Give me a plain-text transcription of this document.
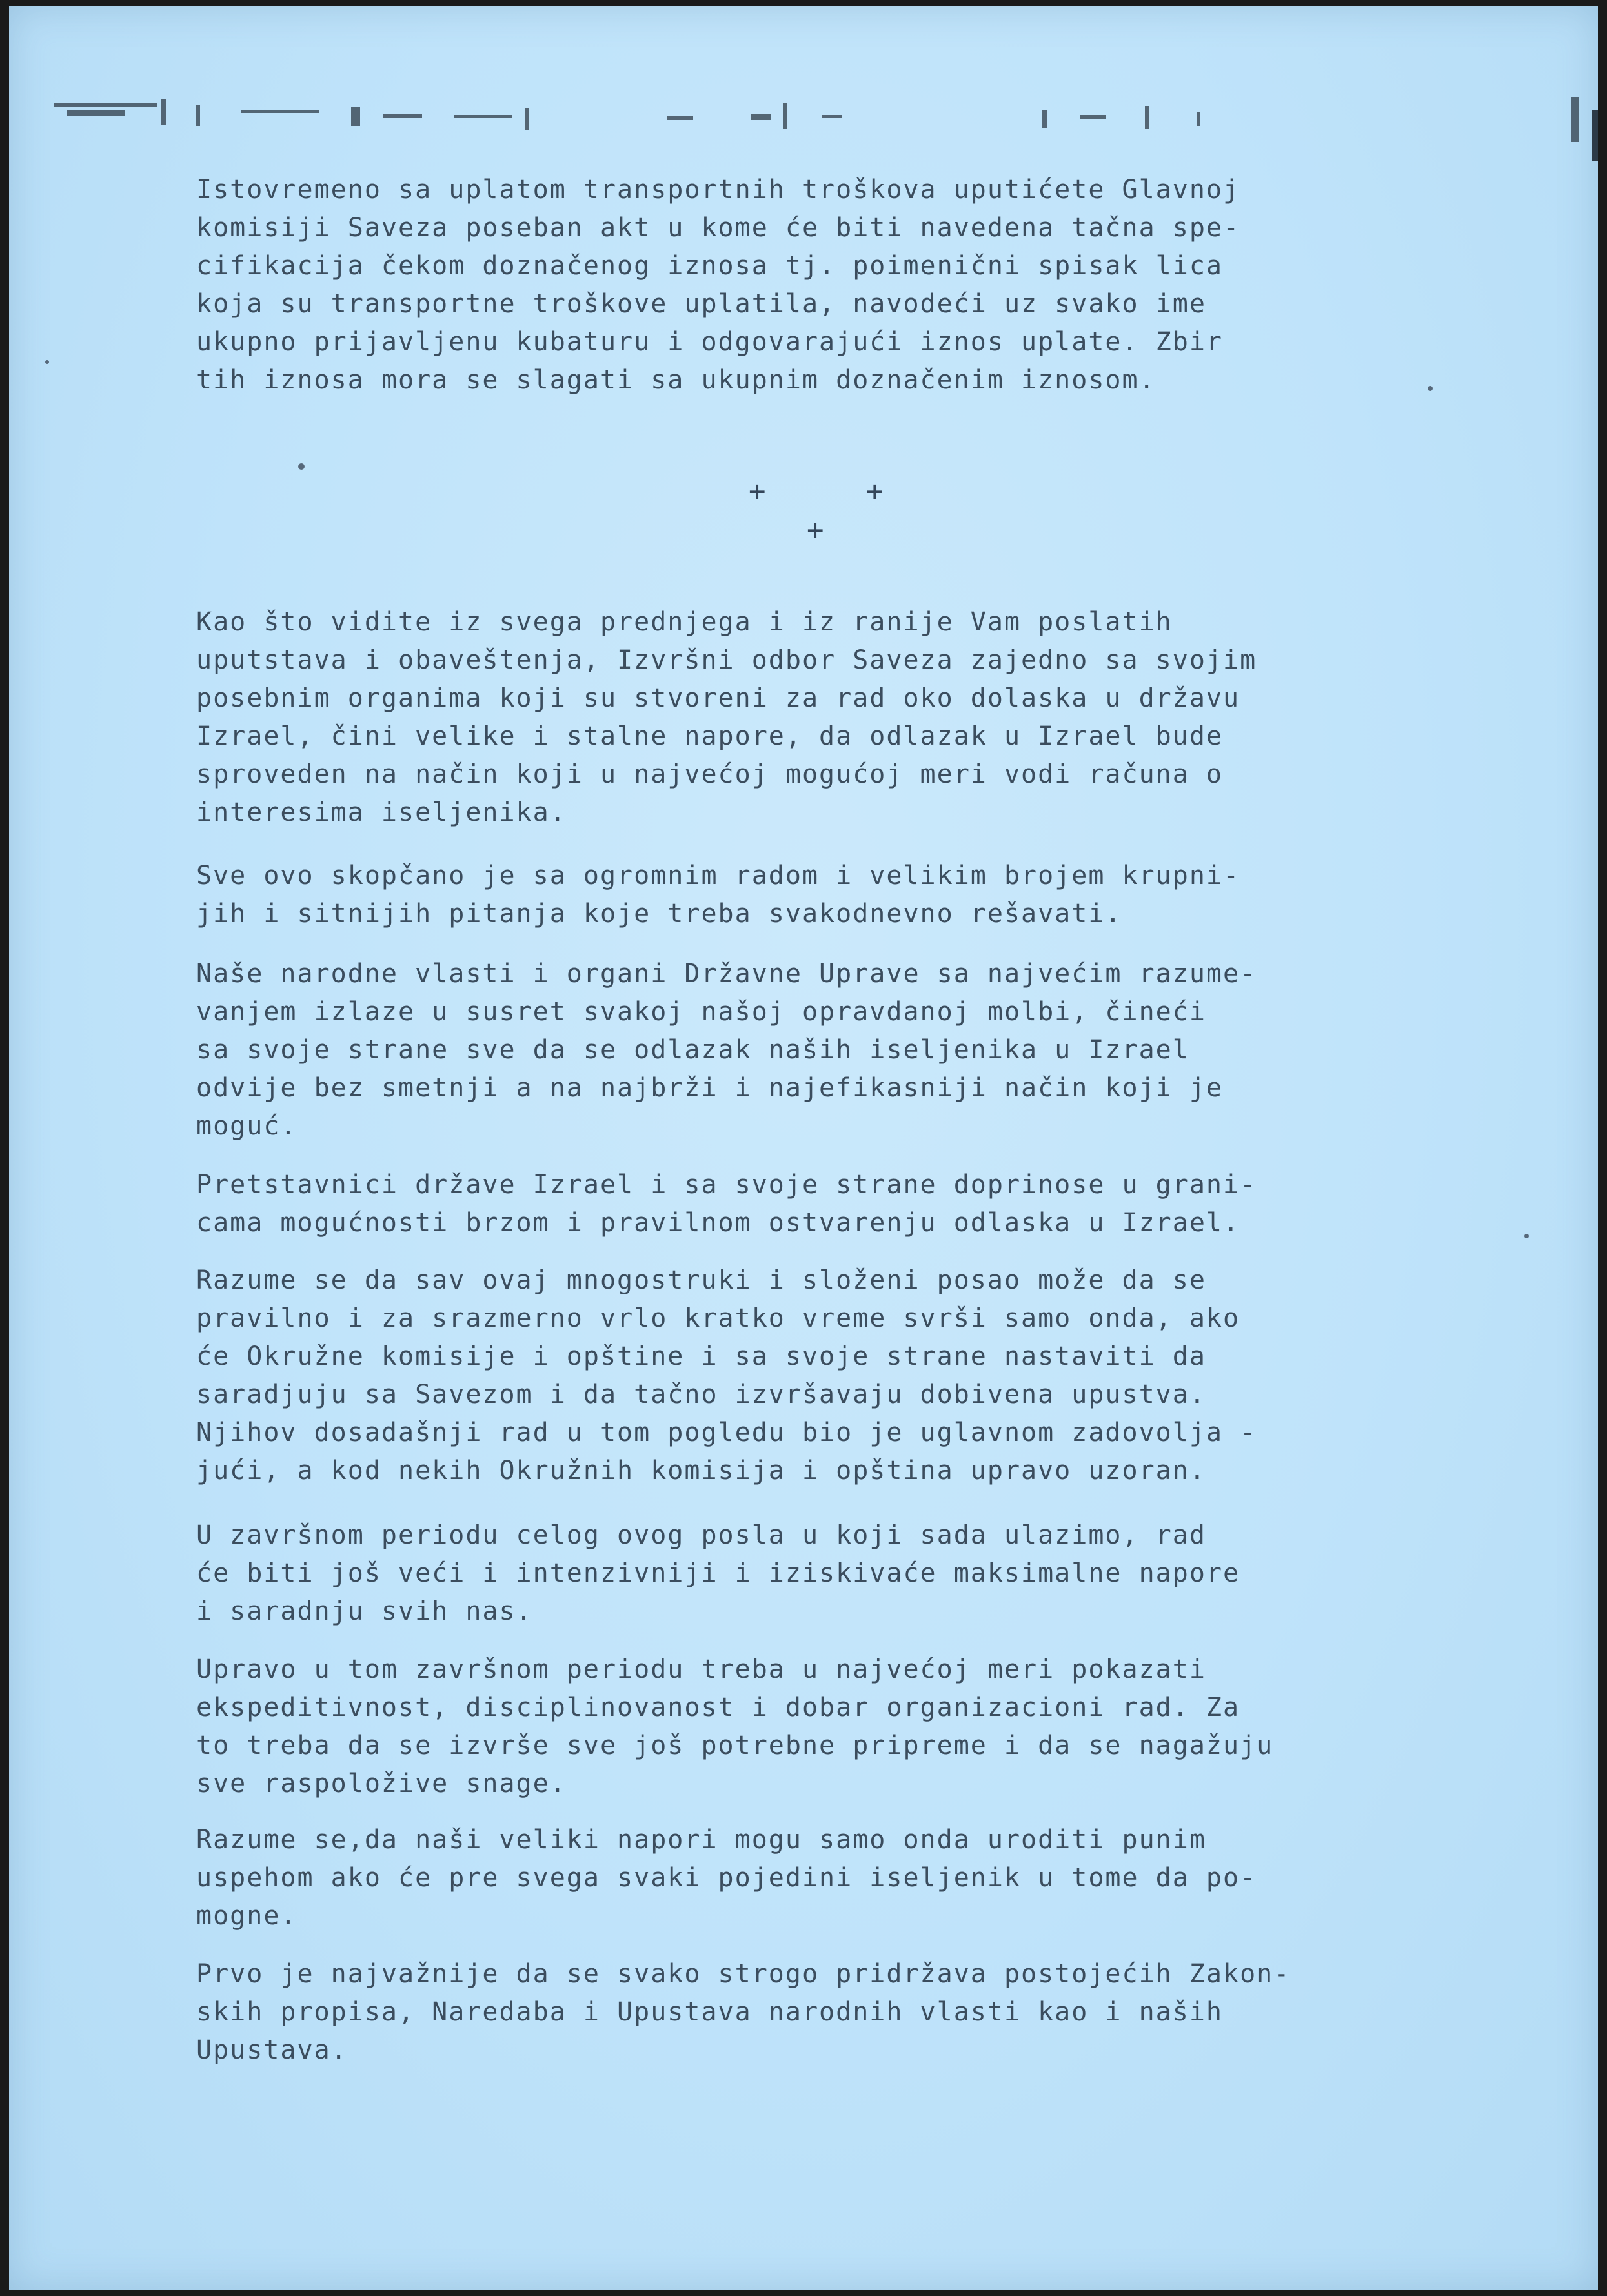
Istovremeno sa uplatom transportnih troškova uputićete Glavnoj
komisiji Saveza poseban akt u kome će biti navedena tačna spe-
cifikacija čekom doznačenog iznosa tj. poimenični spisak lica
koja su transportne troškove uplatila, navodeći uz svako ime
ukupno prijavljenu kubaturu i odgovarajući iznos uplate. Zbir
tih iznosa mora se slagati sa ukupnim doznačenim iznosom.
+	+
+
Kao što vidite iz svega prednjega i iz ranije Vam poslatih
uputstava i obaveštenja, Izvršni odbor Saveza zajedno sa svojim
posebnim organima koji su stvoreni za rad oko dolaska u državu
Izrael, čini velike i stalne napore, da odlazak u Izrael bude
sproveden na način koji u najvećoj mogućoj meri vodi računa o
interesima iseljenika.
Sve ovo skopčano je sa ogromnim radom i velikim brojem krupni-
jih i sitnijih pitanja koje treba svakodnevno rešavati.
Naše narodne vlasti i organi Državne Uprave sa najvećim razume-
vanjem izlaze u susret svakoj našoj opravdanoj molbi, čineći
sa svoje strane sve da se odlazak naših iseljenika u Izrael
odvije bez smetnji a na najbrži i najefikasniji način koji je
moguć.
Pretstavnici države Izrael i sa svoje strane doprinose u grani-
cama mogućnosti brzom i pravilnom ostvarenju odlaska u Izrael.
Razume se da sav ovaj mnogostruki i složeni posao može da se
pravilno i za srazmerno vrlo kratko vreme svrši samo onda, ako
će Okružne komisije i opštine i sa svoje strane nastaviti da
saradjuju sa Savezom i da tačno izvršavaju dobivena upustva.
Njihov dosadašnji rad u tom pogledu bio je uglavnom zadovolja -
jući, a kod nekih Okružnih komisija i opština upravo uzoran.
U završnom periodu celog ovog posla u koji sada ulazimo, rad
će biti još veći i intenzivniji i iziskivaće maksimalne napore
i saradnju svih nas.
Upravo u tom završnom periodu treba u najvećoj meri pokazati
ekspeditivnost, disciplinovanost i dobar organizacioni rad. Za
to treba da se izvrše sve još potrebne pripreme i da se nagažuju
sve raspoložive snage.
Razume se,da naši veliki napori mogu samo onda uroditi punim
uspehom ako će pre svega svaki pojedini iseljenik u tome da po-
mogne.
Prvo je najvažnije da se svako strogo pridržava postojećih Zakon-
skih propisa, Naredaba i Upustava narodnih vlasti kao i naših
Upustava.
